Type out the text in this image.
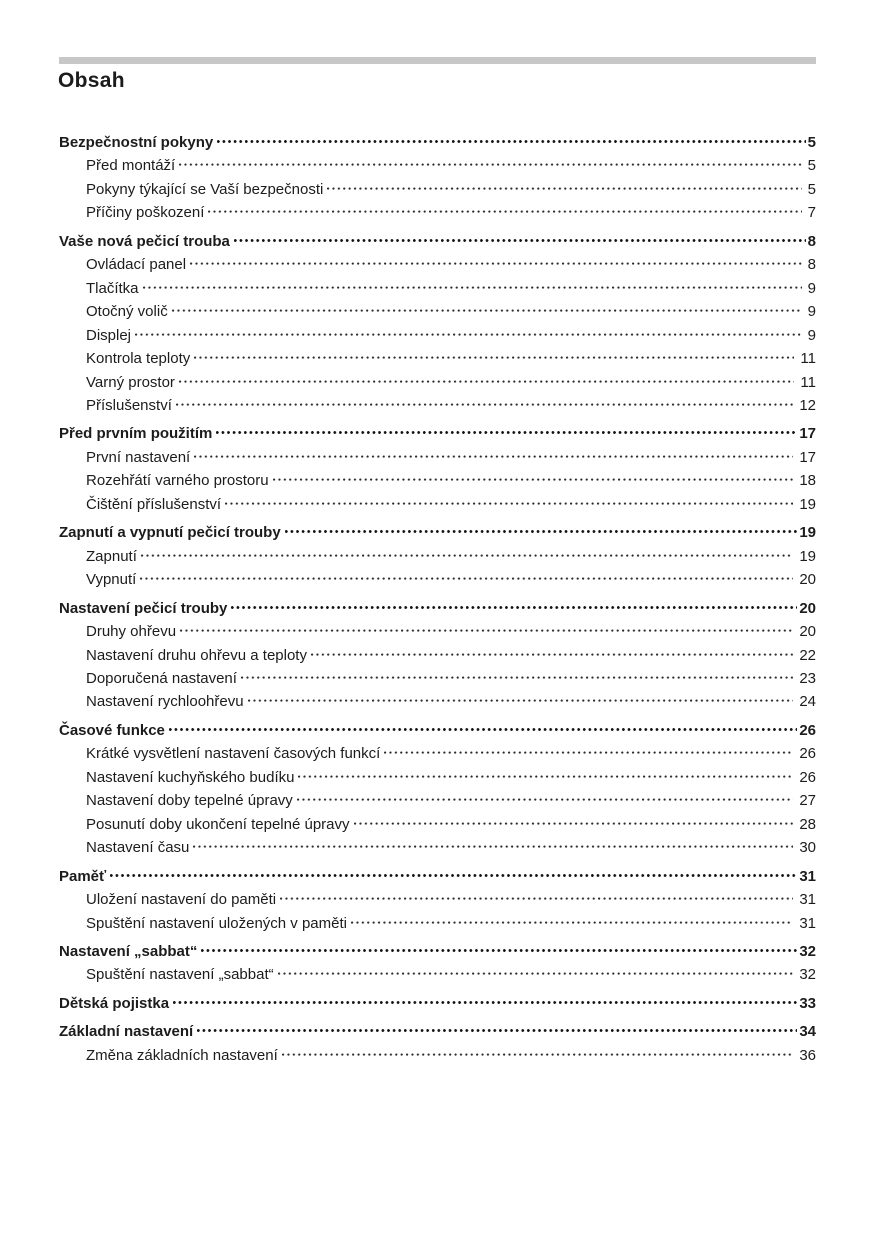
Obsah
Bezpečnostní pokyny	5
Před montáží	5
Pokyny týkající se Vaší bezpečnosti	5
Příčiny poškození	7
Vaše nová pečicí trouba	8
Ovládací panel	8
Tlačítka	9
Otočný volič	9
Displej	9
Kontrola teploty	11
Varný prostor	11
Příslušenství	12
Před prvním použitím	17
První nastavení	17
Rozehřátí varného prostoru	18
Čištění příslušenství	19
Zapnutí a vypnutí pečicí trouby	19
Zapnutí	19
Vypnutí	20
Nastavení pečicí trouby	20
Druhy ohřevu	20
Nastavení druhu ohřevu a teploty	22
Doporučená nastavení	23
Nastavení rychloohřevu	24
Časové funkce	26
Krátké vysvětlení nastavení časových funkcí	26
Nastavení kuchyňského budíku	26
Nastavení doby tepelné úpravy	27
Posunutí doby ukončení tepelné úpravy	28
Nastavení času	30
Paměť	31
Uložení nastavení do paměti	31
Spuštění nastavení uložených v paměti	31
Nastavení „sabbat“	32
Spuštění nastavení „sabbat“	32
Dětská pojistka	33
Základní nastavení	34
Změna základních nastavení	36
